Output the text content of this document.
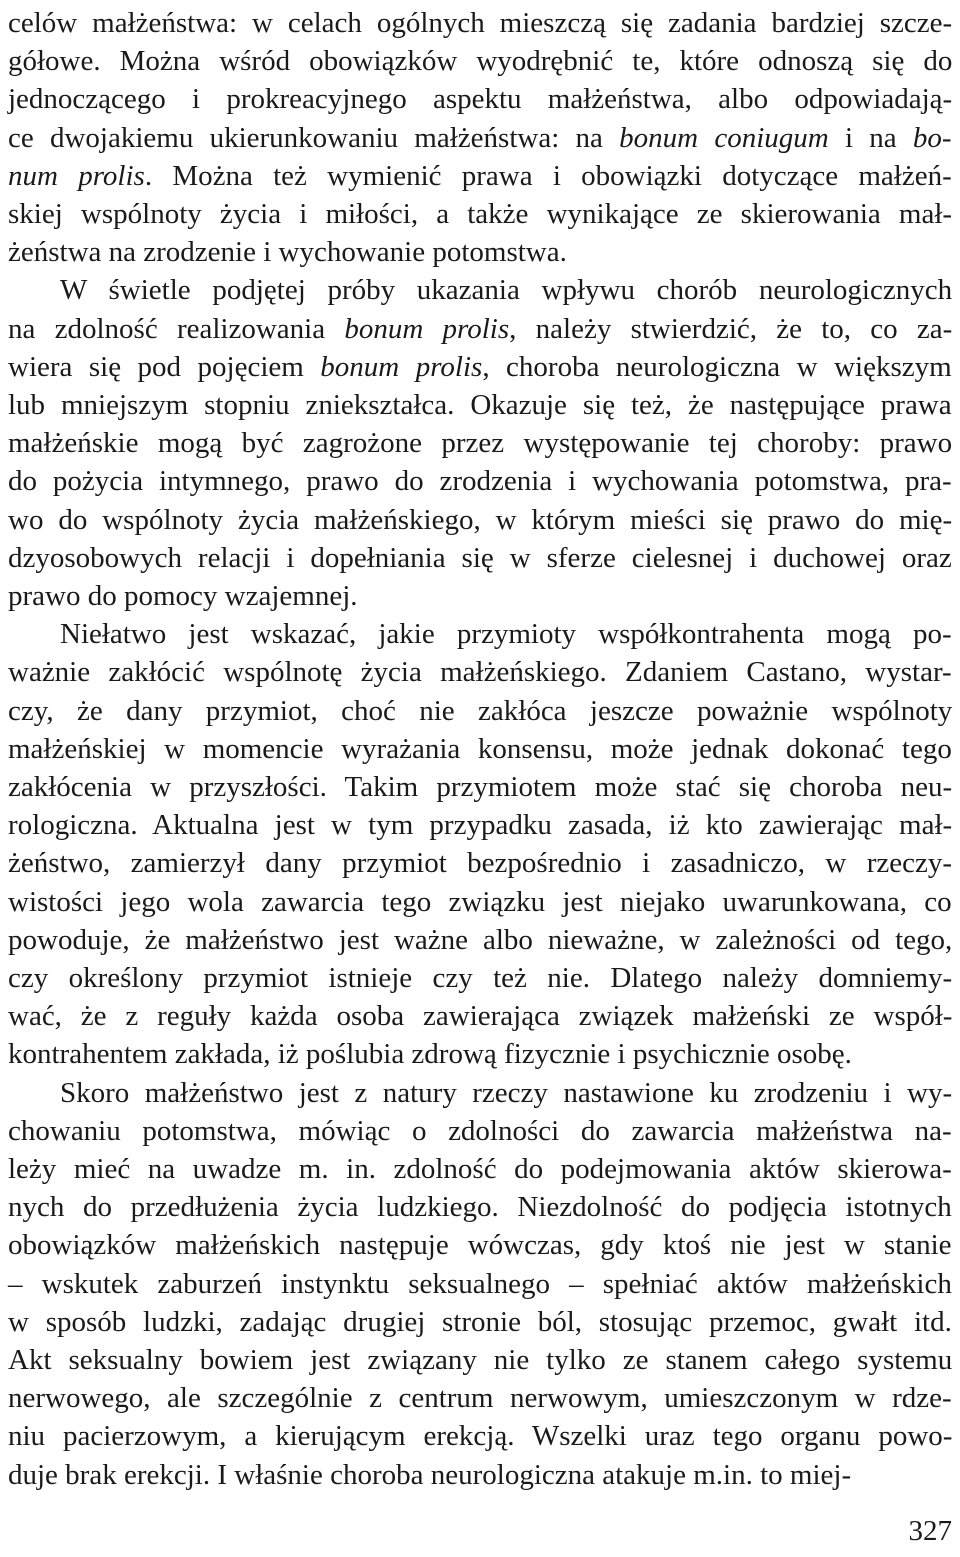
celów małżeństwa: w celach ogólnych mieszczą się zadania bardziej szcze-
gółowe. Można wśród obowiązków wyodrębnić te, które odnoszą się do
jednoczącego i prokreacyjnego aspektu małżeństwa, albo odpowiadają-
ce dwojakiemu ukierunkowaniu małżeństwa: na bonum coniugum i na bo-
num prolis. Można też wymienić prawa i obowiązki dotyczące małżeń-
skiej wspólnoty życia i miłości, a także wynikające ze skierowania mał-
żeństwa na zrodzenie i wychowanie potomstwa.
W świetle podjętej próby ukazania wpływu chorób neurologicznych
na zdolność realizowania bonum prolis, należy stwierdzić, że to, co za-
wiera się pod pojęciem bonum prolis, choroba neurologiczna w większym
lub mniejszym stopniu zniekształca. Okazuje się też, że następujące prawa
małżeńskie mogą być zagrożone przez występowanie tej choroby: prawo
do pożycia intymnego, prawo do zrodzenia i wychowania potomstwa, pra-
wo do wspólnoty życia małżeńskiego, w którym mieści się prawo do mię-
dzyosobowych relacji i dopełniania się w sferze cielesnej i duchowej oraz
prawo do pomocy wzajemnej.
Niełatwo jest wskazać, jakie przymioty współkontrahenta mogą po-
ważnie zakłócić wspólnotę życia małżeńskiego. Zdaniem Castano, wystar-
czy, że dany przymiot, choć nie zakłóca jeszcze poważnie wspólnoty
małżeńskiej w momencie wyrażania konsensu, może jednak dokonać tego
zakłócenia w przyszłości. Takim przymiotem może stać się choroba neu-
rologiczna. Aktualna jest w tym przypadku zasada, iż kto zawierając mał-
żeństwo, zamierzył dany przymiot bezpośrednio i zasadniczo, w rzeczy-
wistości jego wola zawarcia tego związku jest niejako uwarunkowana, co
powoduje, że małżeństwo jest ważne albo nieważne, w zależności od tego,
czy określony przymiot istnieje czy też nie. Dlatego należy domniemy-
wać, że z reguły każda osoba zawierająca związek małżeński ze współ-
kontrahentem zakłada, iż poślubia zdrową fizycznie i psychicznie osobę.
Skoro małżeństwo jest z natury rzeczy nastawione ku zrodzeniu i wy-
chowaniu potomstwa, mówiąc o zdolności do zawarcia małżeństwa na-
leży mieć na uwadze m. in. zdolność do podejmowania aktów skierowa-
nych do przedłużenia życia ludzkiego. Niezdolność do podjęcia istotnych
obowiązków małżeńskich następuje wówczas, gdy ktoś nie jest w stanie
– wskutek zaburzeń instynktu seksualnego – spełniać aktów małżeńskich
w sposób ludzki, zadając drugiej stronie ból, stosując przemoc, gwałt itd.
Akt seksualny bowiem jest związany nie tylko ze stanem całego systemu
nerwowego, ale szczególnie z centrum nerwowym, umieszczonym w rdze-
niu pacierzowym, a kierującym erekcją. Wszelki uraz tego organu powo-
duje brak erekcji. I właśnie choroba neurologiczna atakuje m.in. to miej-
327
